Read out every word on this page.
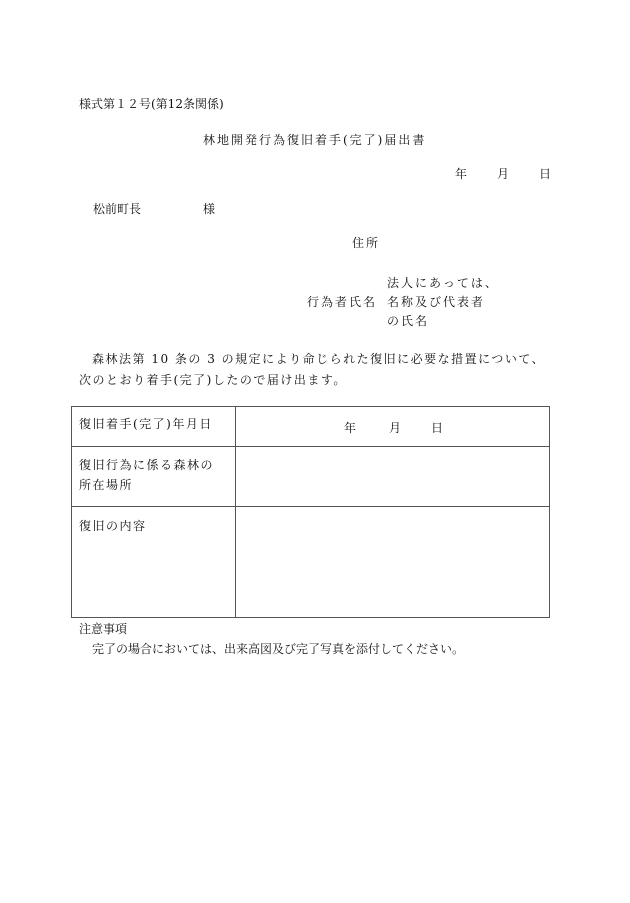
様式第１２号(第12条関係)
林地開発行為復旧着手(完了)届出書
年 月 日
松前町長	様
住所
法人にあっては、
行為者氏名 名称及び代表者
の氏名
森林法第 10 条の 3 の規定により命じられた復旧に必要な措置について、次のとおり着手(完了)したので届け出ます。
復旧着手(完了)年月日	年 月 日

復旧行為に係る森林の所在場所	

復旧の内容	

注意事項
完了の場合においては、出来高図及び完了写真を添付してください。
